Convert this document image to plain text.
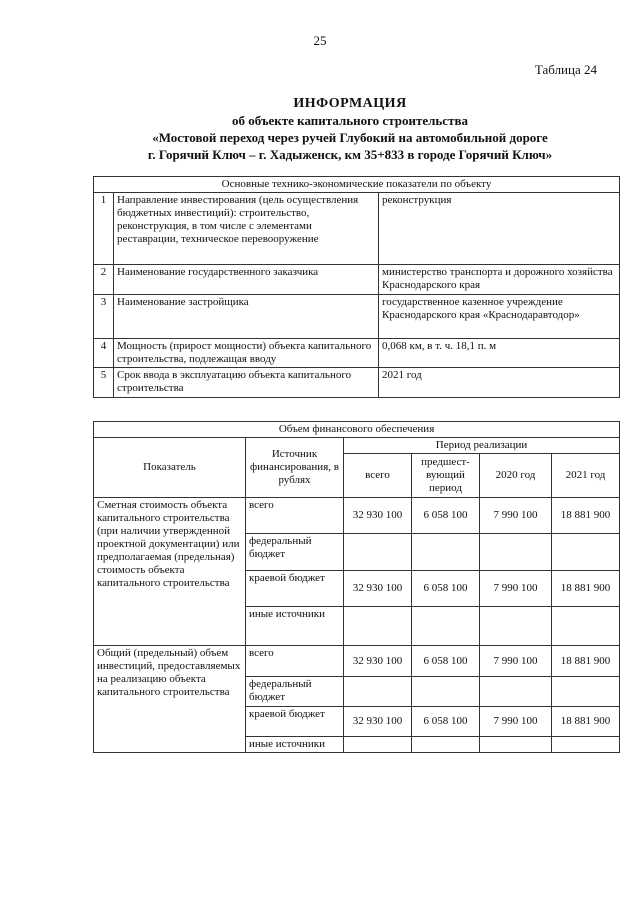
25
Таблица 24
ИНФОРМАЦИЯ
об объекте капитального строительства
«Мостовой переход через ручей Глубокий на автомобильной дороге
г. Горячий Ключ – г. Хадыженск, км 35+833 в городе Горячий Ключ»
Основные технико-экономические показатели по объекту		
1	Направление инвестирования (цель осуществления бюджетных инвестиций): строительство, реконструкция, в том числе с элементами реставрации, техническое перевооружение	реконструкция
2	Наименование государственного заказчика	министерство транспорта и дорожного хозяйства Краснодарского края
3	Наименование застройщика	государственное казенное учреждение Краснодарского края «Краснодаравтодор»
4	Мощность (прирост мощности) объекта капитального строительства, подлежащая вводу	0,068 км, в т. ч. 18,1 п. м
5	Срок ввода в эксплуатацию объекта капитального строительства	2021 год
Объем финансового обеспечения					
Показатель	Источник финансирования, в рублях	Период реализации			
		всего	предшест-вующий период	2020 год	2021 год
Сметная стоимость объекта капитального строительства (при наличии утвержденной проектной документации) или предполагаемая (предельная) стоимость объекта капитального строительства	всего	32 930 100	6 058 100	7 990 100	18 881 900
	федеральный бюджет				
	краевой бюджет	32 930 100	6 058 100	7 990 100	18 881 900
	иные источники				
Общий (предельный) объем инвестиций, предоставляемых на реализацию объекта капитального строительства	всего	32 930 100	6 058 100	7 990 100	18 881 900
	федеральный бюджет				
	краевой бюджет	32 930 100	6 058 100	7 990 100	18 881 900
	иные источники				
